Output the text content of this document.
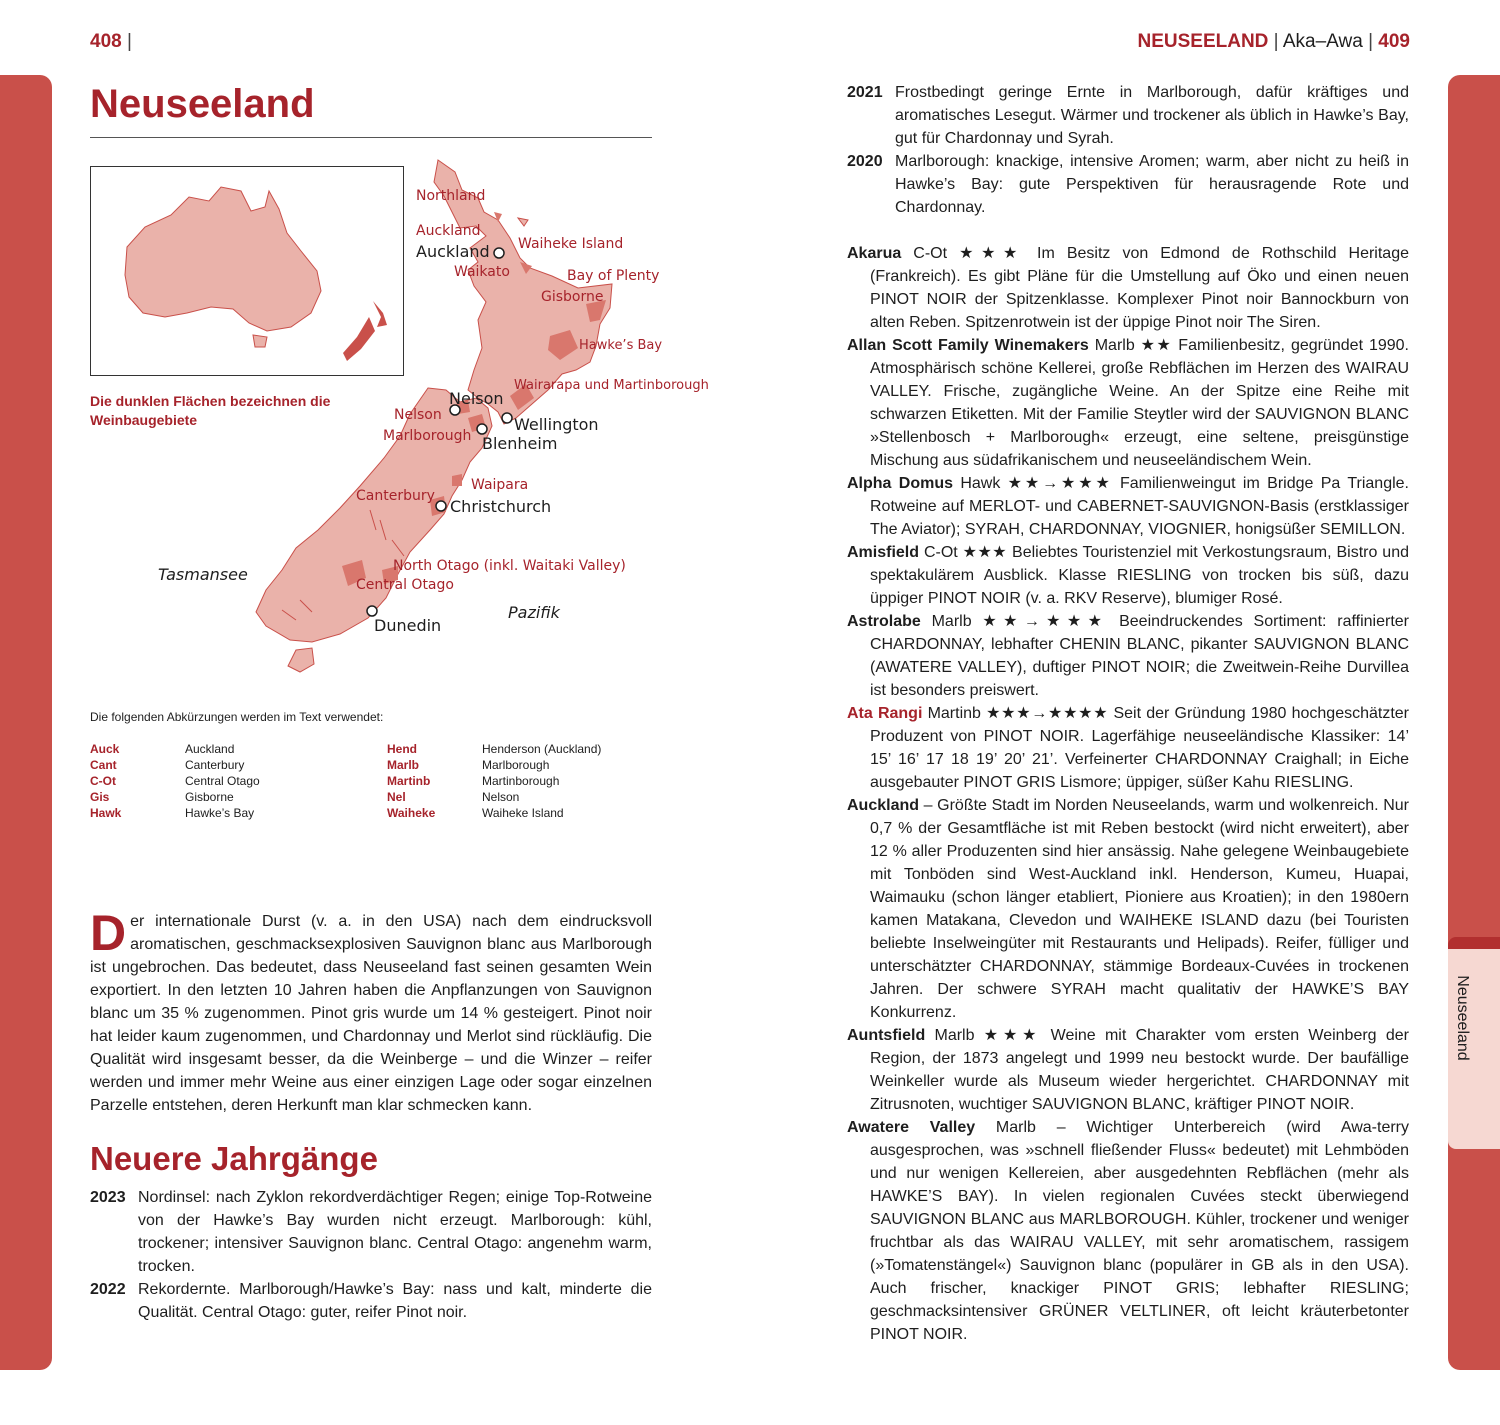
Neuseeland
408 |	NEUSEELAND | Aka–Awa | 409
Neuseeland
Die dunklen Flächen bezeichnen die Weinbaugebiete
Northland
Auckland
Waiheke Island
Waikato	Bay of Plenty
Gisborne
Hawke’s Bay
Wairarapa und Martinborough
Nelson
Marlborough
Waipara
Canterbury
North Otago (inkl. Waitaki Valley)
Central Otago
Auckland
Nelson
Wellington
Blenheim
Christchurch
Dunedin
Pazifik
Tasmansee
Die folgenden Abkürzungen werden im Text verwendet:
Auck	Auckland
Cant	Canterbury
C-Ot	Central Otago
Gis	Gisborne
Hawk	Hawke’s Bay
Hend	Henderson (Auckland)
Marlb	Marlborough
Martinb	Martinborough
Nel	Nelson
Waiheke	Waiheke Island
Der internationale Durst (v. a. in den USA) nach dem eindrucksvoll aromatischen, geschmacksexplosiven Sauvignon blanc aus Marlborough ist ungebrochen. Das bedeutet, dass Neuseeland fast seinen gesamten Wein exportiert. In den letzten 10 Jahren haben die Anpflanzungen von Sauvignon blanc um 35 % zugenommen. Pinot gris wurde um 14 % gesteigert. Pinot noir hat leider kaum zugenommen, und Chardonnay und Merlot sind rückläufig. Die Qualität wird insgesamt besser, da die Weinberge – und die Winzer – reifer werden und immer mehr Weine aus einer einzigen Lage oder sogar einzelnen Parzelle entstehen, deren Herkunft man klar schmecken kann.
Neuere Jahrgänge
2023 Nordinsel: nach Zyklon rekordverdächtiger Regen; einige Top-Rotweine von der Hawke’s Bay wurden nicht erzeugt. Marlborough: kühl, trockener; intensiver Sauvignon blanc. Central Otago: angenehm warm, trocken.
2022 Rekordernte. Marlborough/Hawke’s Bay: nass und kalt, minderte die Qualität. Central Otago: guter, reifer Pinot noir.
2021 Frostbedingt geringe Ernte in Marlborough, dafür kräftiges und aromatisches Lesegut. Wärmer und trockener als üblich in Hawke’s Bay, gut für Chardonnay und Syrah.
2020 Marlborough: knackige, intensive Aromen; warm, aber nicht zu heiß in Hawke’s Bay: gute Perspektiven für herausragende Rote und Chardonnay.

Akarua C-Ot ★★★ Im Besitz von Edmond de Rothschild Heritage (Frankreich). Es gibt Pläne für die Umstellung auf Öko und einen neuen PINOT NOIR der Spitzenklasse. Komplexer Pinot noir Bannockburn von alten Reben. Spitzenrotwein ist der üppige Pinot noir The Siren.

Allan Scott Family Winemakers Marlb ★★ Familienbesitz, gegründet 1990. Atmosphärisch schöne Kellerei, große Rebflächen im Herzen des WAIRAU VALLEY. Frische, zugängliche Weine. An der Spitze eine Reihe mit schwarzen Etiketten. Mit der Familie Steytler wird der SAUVIGNON BLANC »Stellenbosch + Marlborough« erzeugt, eine seltene, preisgünstige Mischung aus südafrikanischem und neuseeländischem Wein.

Alpha Domus Hawk ★★→★★★ Familienweingut im Bridge Pa Triangle. Rotweine auf MERLOT- und CABERNET-SAUVIGNON-Basis (erstklassiger The Aviator); SYRAH, CHARDONNAY, VIOGNIER, honigsüßer SEMILLON.

Amisfield C-Ot ★★★ Beliebtes Touristenziel mit Verkostungsraum, Bistro und spektakulärem Ausblick. Klasse RIESLING von trocken bis süß, dazu üppiger PINOT NOIR (v. a. RKV Reserve), blumiger Rosé.

Astrolabe Marlb ★★→★★★ Beeindruckendes Sortiment: raffinierter CHARDONNAY, lebhafter CHENIN BLANC, pikanter SAUVIGNON BLANC (AWATERE VALLEY), duftiger PINOT NOIR; die Zweitwein-Reihe Durvillea ist besonders preiswert.

Ata Rangi Martinb ★★★→★★★★ Seit der Gründung 1980 hochgeschätzter Produzent von PINOT NOIR. Lagerfähige neuseeländische Klassiker: 14’ 15’ 16’ 17 18 19’ 20’ 21’. Verfeinerter CHARDONNAY Craighall; in Eiche ausgebauter PINOT GRIS Lismore; üppiger, süßer Kahu RIESLING.

Auckland – Größte Stadt im Norden Neuseelands, warm und wolkenreich. Nur 0,7 % der Gesamtfläche ist mit Reben bestockt (wird nicht erweitert), aber 12 % aller Produzenten sind hier ansässig. Nahe gelegene Weinbaugebiete mit Tonböden sind West-Auckland inkl. Henderson, Kumeu, Huapai, Waimauku (schon länger etabliert, Pioniere aus Kroatien); in den 1980ern kamen Matakana, Clevedon und WAIHEKE ISLAND dazu (bei Touristen beliebte Inselweingüter mit Restaurants und Helipads). Reifer, fülliger und unterschätzter CHARDONNAY, stämmige Bordeaux-Cuvées in trockenen Jahren. Der schwere SYRAH macht qualitativ der HAWKE’S BAY Konkurrenz.

Auntsfield Marlb ★★★ Weine mit Charakter vom ersten Weinberg der Region, der 1873 angelegt und 1999 neu bestockt wurde. Der baufällige Weinkeller wurde als Museum wieder hergerichtet. CHARDONNAY mit Zitrusnoten, wuchtiger SAUVIGNON BLANC, kräftiger PINOT NOIR.

Awatere Valley Marlb – Wichtiger Unterbereich (wird Awa-terry ausgesprochen, was »schnell fließender Fluss« bedeutet) mit Lehmböden und nur wenigen Kellereien, aber ausgedehnten Rebflächen (mehr als HAWKE’S BAY). In vielen regionalen Cuvées steckt überwiegend SAUVIGNON BLANC aus MARLBOROUGH. Kühler, trockener und weniger fruchtbar als das WAIRAU VALLEY, mit sehr aromatischem, rassigem (»Tomatenstängel«) Sauvignon blanc (populärer in GB als in den USA). Auch frischer, knackiger PINOT GRIS; lebhafter RIESLING; geschmacksintensiver GRÜNER VELTLINER, oft leicht kräuterbetonter PINOT NOIR.
